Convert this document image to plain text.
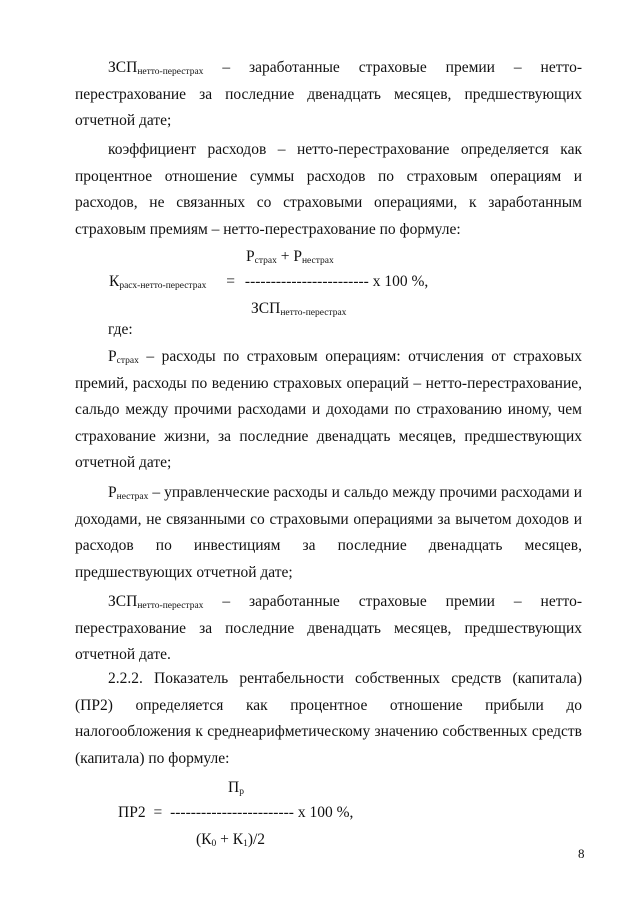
$ЗСП_{нетто-перестрах}$ – заработанные страховые премии – нетто-перестрахование за последние двенадцать месяцев, предшествующих отчетной дате;
коэффициент расходов – нетто-перестрахование определяется как процентное отношение суммы расходов по страховым операциям и расходов, не связанных со страховыми операциями, к заработанным страховым премиям – нетто-перестрахование по формуле:
$Р_{страх} + Р_{нестрах}$
$К_{расх-нетто-перестрах}$ = ------------------------ x 100 %,
$ЗСП_{нетто-перестрах}$
где:
$Р_{страх}$ – расходы по страховым операциям: отчисления от страховых премий, расходы по ведению страховых операций – нетто-перестрахование, сальдо между прочими расходами и доходами по страхованию иному, чем страхование жизни, за последние двенадцать месяцев, предшествующих отчетной дате;
$Р_{нестрах}$ – управленческие расходы и сальдо между прочими расходами и доходами, не связанными со страховыми операциями за вычетом доходов и расходов по инвестициям за последние двенадцать месяцев, предшествующих отчетной дате;
$ЗСП_{нетто-перестрах}$ – заработанные страховые премии – нетто-перестрахование за последние двенадцать месяцев, предшествующих отчетной дате.
2.2.2. Показатель рентабельности собственных средств (капитала) (ПР2) определяется как процентное отношение прибыли до налогообложения к среднеарифметическому значению собственных средств (капитала) по формуле:
$П_р$
ПР2 = ------------------------ x 100 %,
$(К_0 + К_1)/2$
8
